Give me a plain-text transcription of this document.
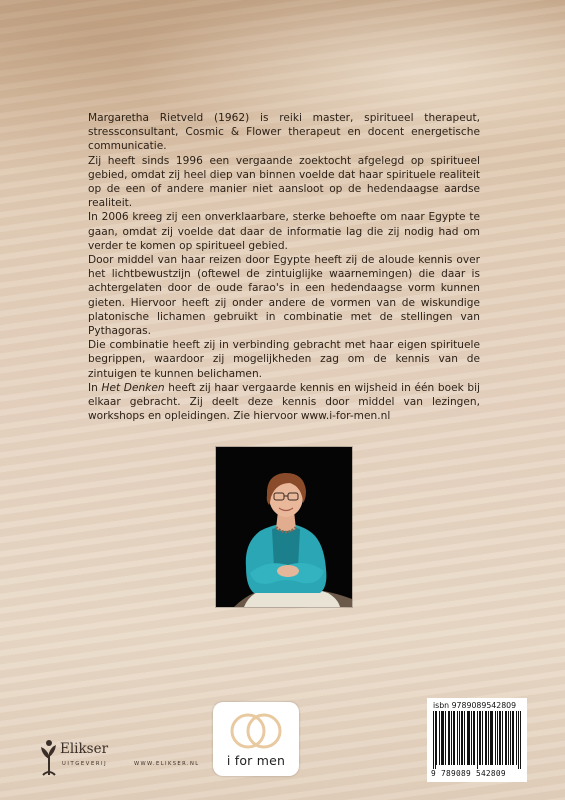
Margaretha Rietveld (1962) is reiki master, spiritueel therapeut, stressconsultant, Cosmic & Flower therapeut en docent energetische communicatie.

Zij heeft sinds 1996 een vergaande zoektocht afgelegd op spiritueel gebied, omdat zij heel diep van binnen voelde dat haar spirituele realiteit op de een of andere manier niet aansloot op de hedendaagse aardse realiteit.

In 2006 kreeg zij een onverklaarbare, sterke behoefte om naar Egypte te gaan, omdat zij voelde dat daar de informatie lag die zij nodig had om verder te komen op spiritueel gebied.

Door middel van haar reizen door Egypte heeft zij de aloude kennis over het lichtbewustzijn (oftewel de zintuiglijke waarnemingen) die daar is achtergelaten door de oude farao's in een hedendaagse vorm kunnen gieten. Hiervoor heeft zij onder andere de vormen van de wiskundige platonische lichamen gebruikt in combinatie met de stellingen van Pythagoras.

Die combinatie heeft zij in verbinding gebracht met haar eigen spirituele begrippen, waardoor zij mogelijkheden zag om de kennis van de zintuigen te kunnen belichamen.

In Het Denken heeft zij haar vergaarde kennis en wijsheid in één boek bij elkaar gebracht. Zij deelt deze kennis door middel van lezingen, workshops en opleidingen. Zie hiervoor www.i-for-men.nl

i for men
Elikser
UITGEVERIJ	WWW.ELIKSER.NL
isbn 9789089542809
9 789089 542809
